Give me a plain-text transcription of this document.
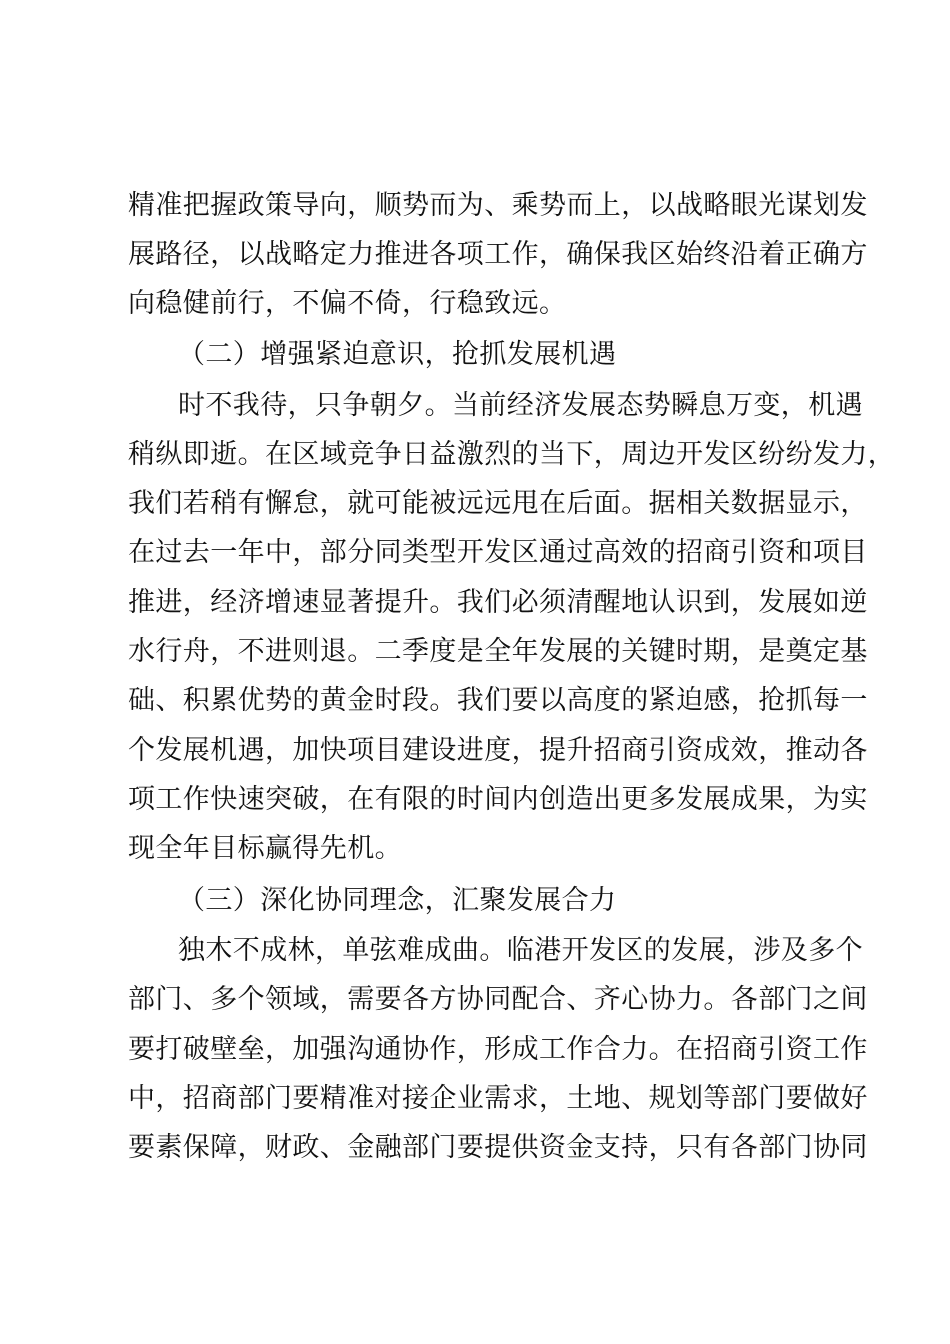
精准把握政策导向，顺势而为、乘势而上，以战略眼光谋划发
展路径，以战略定力推进各项工作，确保我区始终沿着正确方
向稳健前行，不偏不倚，行稳致远。
（二）增强紧迫意识，抢抓发展机遇
时不我待，只争朝夕。当前经济发展态势瞬息万变，机遇
稍纵即逝。在区域竞争日益激烈的当下，周边开发区纷纷发力，
我们若稍有懈怠，就可能被远远甩在后面。据相关数据显示，
在过去一年中，部分同类型开发区通过高效的招商引资和项目
推进，经济增速显著提升。我们必须清醒地认识到，发展如逆
水行舟，不进则退。二季度是全年发展的关键时期，是奠定基
础、积累优势的黄金时段。我们要以高度的紧迫感，抢抓每一
个发展机遇，加快项目建设进度，提升招商引资成效，推动各
项工作快速突破，在有限的时间内创造出更多发展成果，为实
现全年目标赢得先机。
（三）深化协同理念，汇聚发展合力
独木不成林，单弦难成曲。临港开发区的发展，涉及多个
部门、多个领域，需要各方协同配合、齐心协力。各部门之间
要打破壁垒，加强沟通协作，形成工作合力。在招商引资工作
中，招商部门要精准对接企业需求，土地、规划等部门要做好
要素保障，财政、金融部门要提供资金支持，只有各部门协同
